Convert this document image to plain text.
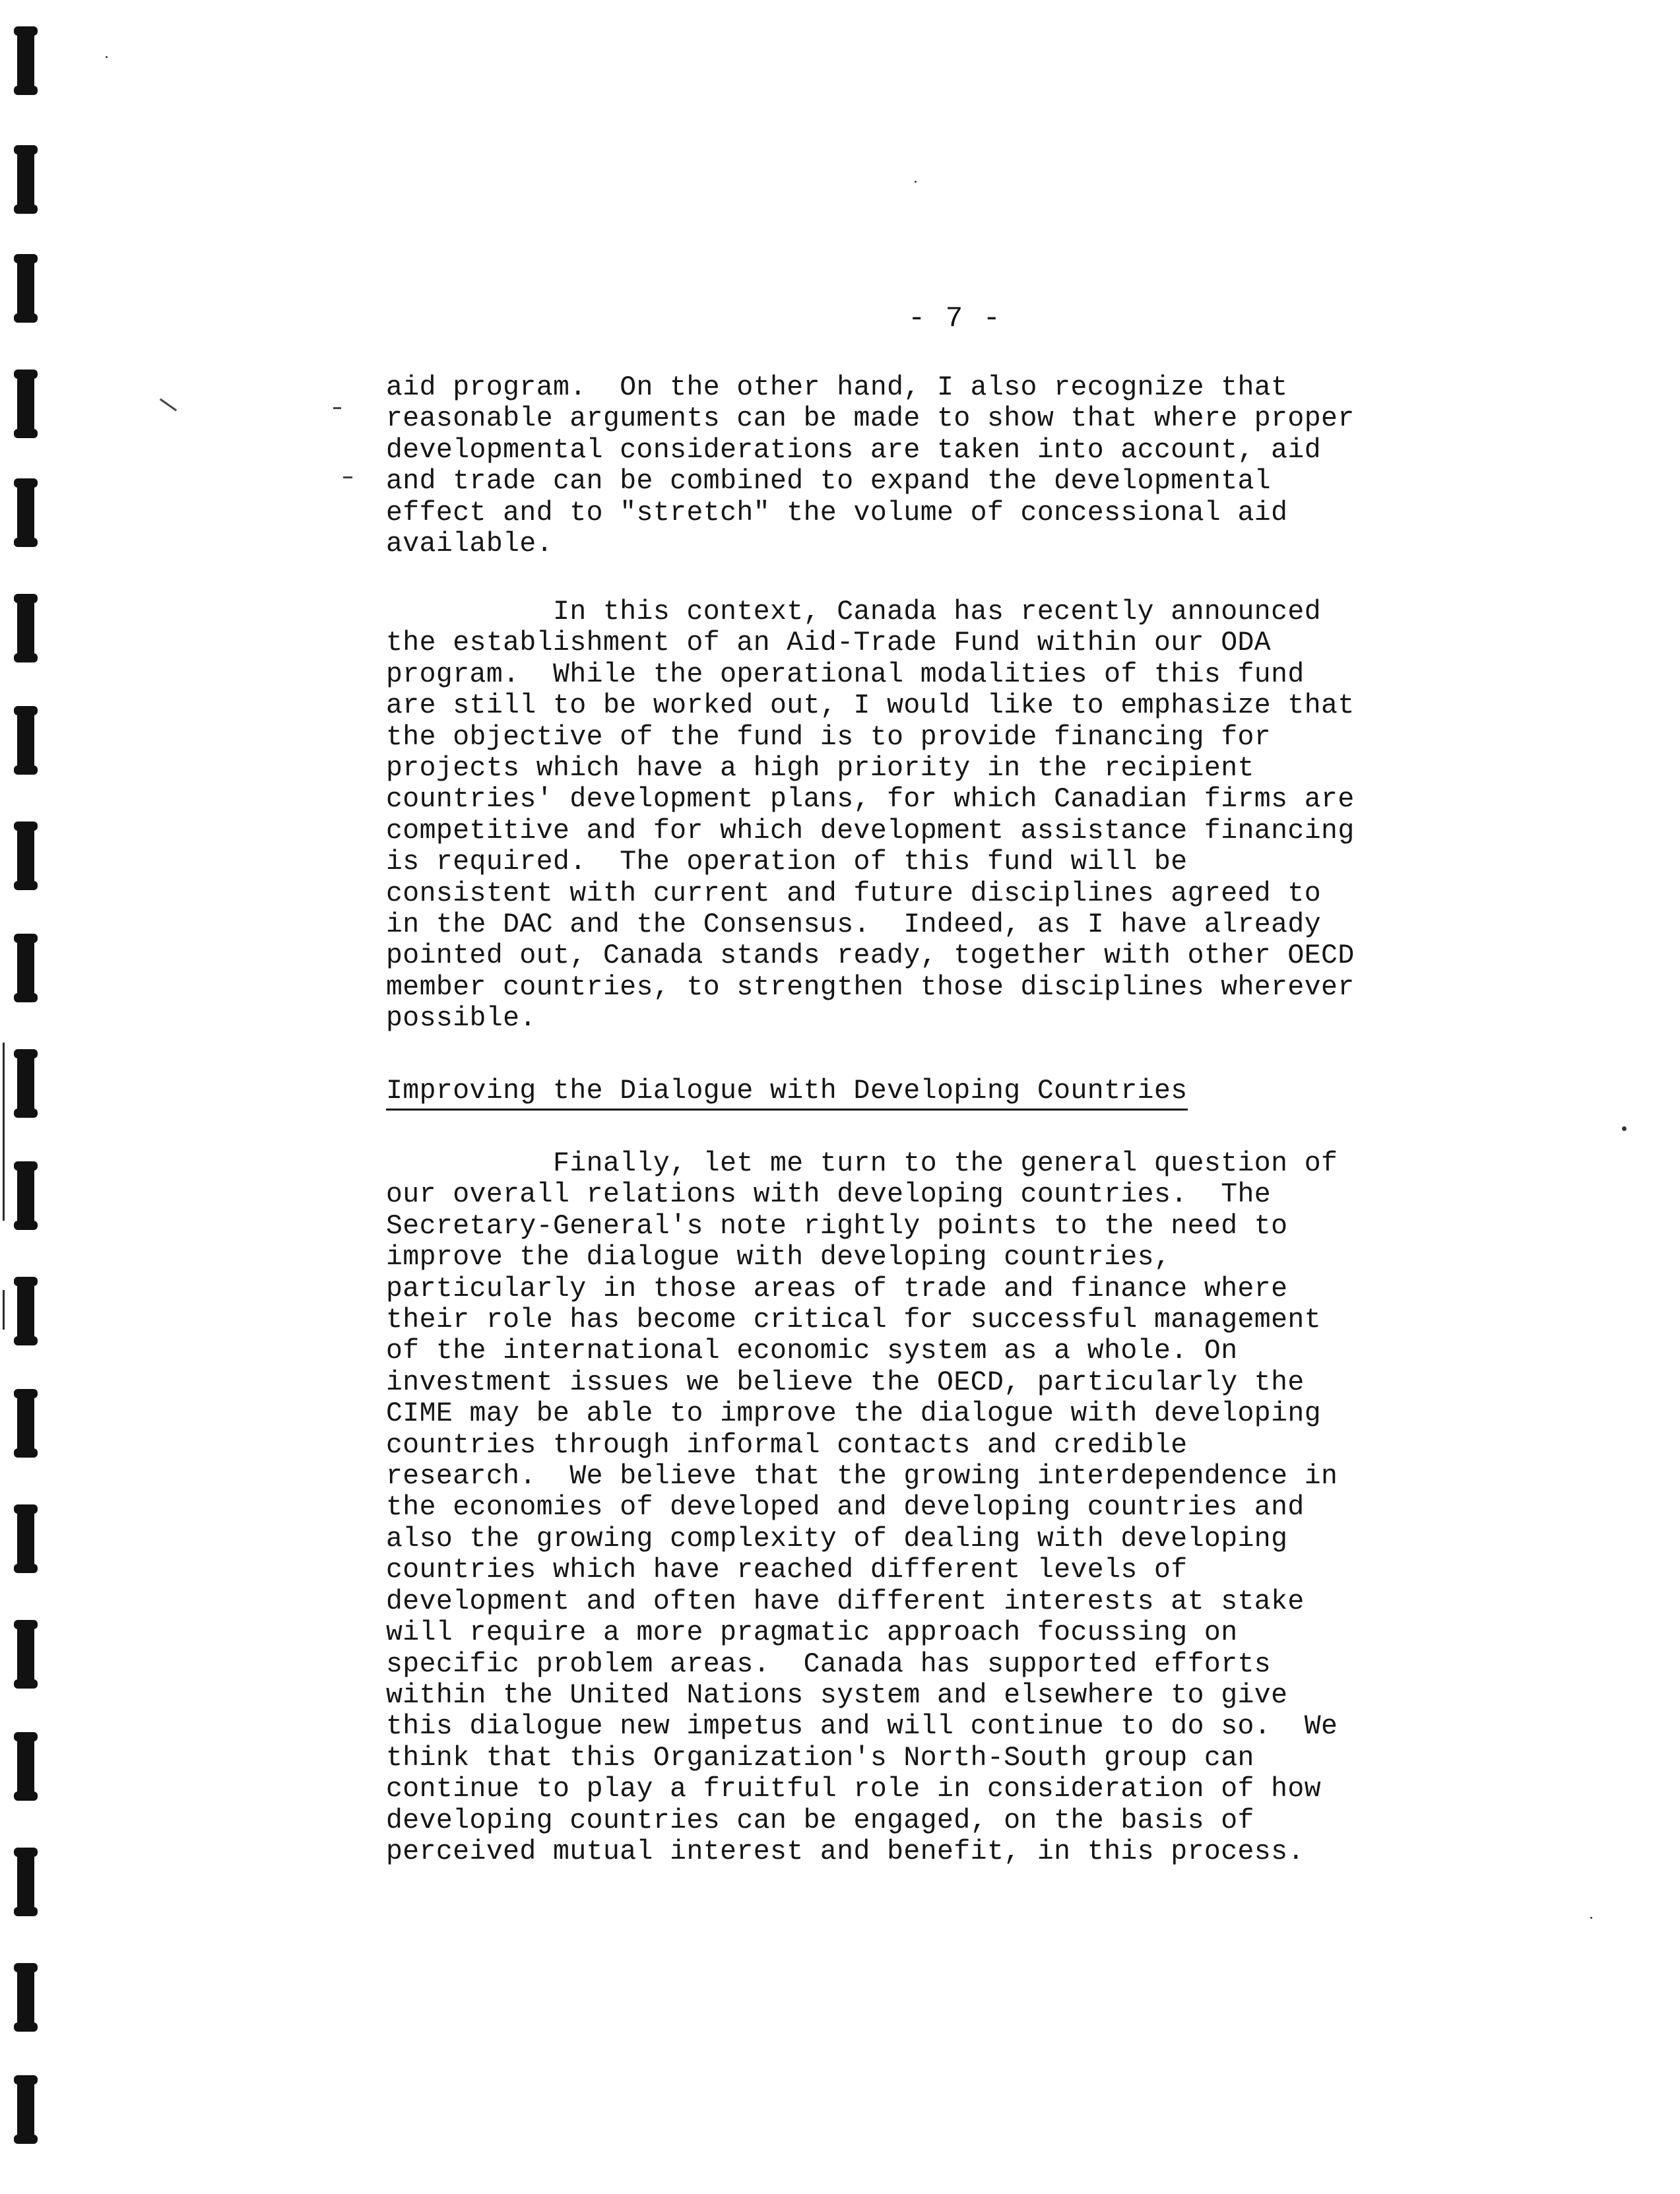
- 7 -
aid program.  On the other hand, I also recognize that
reasonable arguments can be made to show that where proper
developmental considerations are taken into account, aid
and trade can be combined to expand the developmental
effect and to "stretch" the volume of concessional aid
available.
In this context, Canada has recently announced
the establishment of an Aid-Trade Fund within our ODA
program.  While the operational modalities of this fund
are still to be worked out, I would like to emphasize that
the objective of the fund is to provide financing for
projects which have a high priority in the recipient
countries' development plans, for which Canadian firms are
competitive and for which development assistance financing
is required.  The operation of this fund will be
consistent with current and future disciplines agreed to
in the DAC and the Consensus.  Indeed, as I have already
pointed out, Canada stands ready, together with other OECD
member countries, to strengthen those disciplines wherever
possible.
Improving the Dialogue with Developing Countries
Finally, let me turn to the general question of
our overall relations with developing countries.  The
Secretary-General's note rightly points to the need to
improve the dialogue with developing countries,
particularly in those areas of trade and finance where
their role has become critical for successful management
of the international economic system as a whole. On
investment issues we believe the OECD, particularly the
CIME may be able to improve the dialogue with developing
countries through informal contacts and credible
research.  We believe that the growing interdependence in
the economies of developed and developing countries and
also the growing complexity of dealing with developing
countries which have reached different levels of
development and often have different interests at stake
will require a more pragmatic approach focussing on
specific problem areas.  Canada has supported efforts
within the United Nations system and elsewhere to give
this dialogue new impetus and will continue to do so.  We
think that this Organization's North-South group can
continue to play a fruitful role in consideration of how
developing countries can be engaged, on the basis of
perceived mutual interest and benefit, in this process.
